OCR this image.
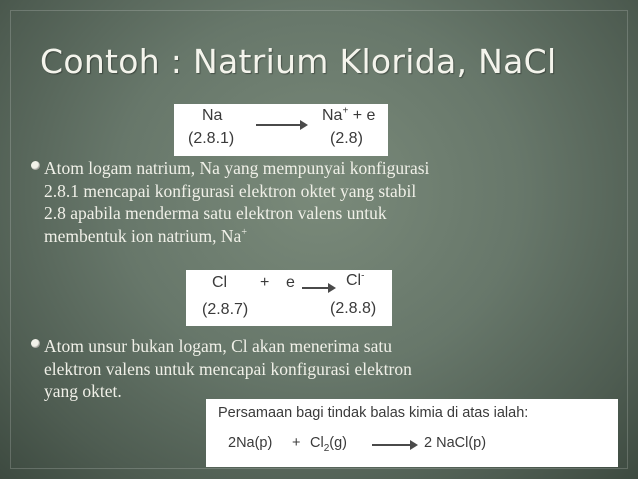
Contoh : Natrium Klorida, NaCl
Na
(2.8.1)
Na+ + e
(2.8)
Atom logam natrium, Na yang mempunyai konfigurasi
2.8.1 mencapai konfigurasi elektron oktet yang stabil
2.8 apabila menderma satu elektron valens untuk
membentuk ion natrium, Na+
Cl + e → Cl-
(2.8.7)	(2.8.8)
Atom unsur bukan logam, Cl akan menerima satu
elektron valens untuk mencapai konfigurasi elektron
yang oktet.
Persamaan bagi tindak balas kimia di atas ialah:
$2Na(p) + Cl_2(g) \to 2$ NaCl(p)
